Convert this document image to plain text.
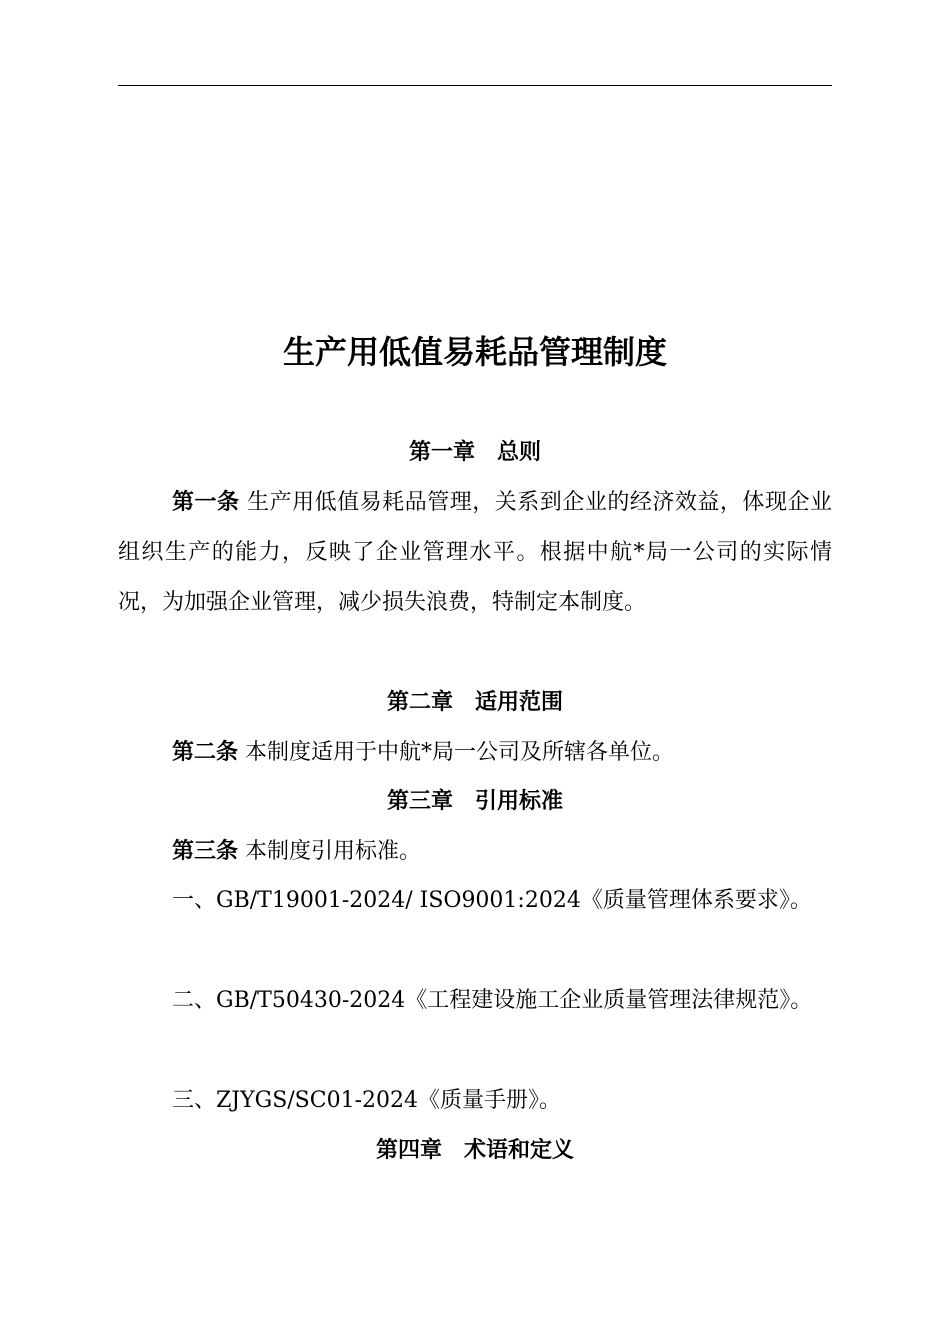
生产用低值易耗品管理制度
第一章　总则
第一条 生产用低值易耗品管理，关系到企业的经济效益，体现企业组织生产的能力，反映了企业管理水平。根据中航*局一公司的实际情况，为加强企业管理，减少损失浪费，特制定本制度。
第二章　适用范围
第二条 本制度适用于中航*局一公司及所辖各单位。
第三章　引用标准
第三条 本制度引用标准。
一、GB/T19001-2024/ ISO9001:2024《质量管理体系要求》。
二、GB/T50430-2024《工程建设施工企业质量管理法律规范》。
三、ZJYGS/SC01-2024《质量手册》。
第四章　术语和定义
